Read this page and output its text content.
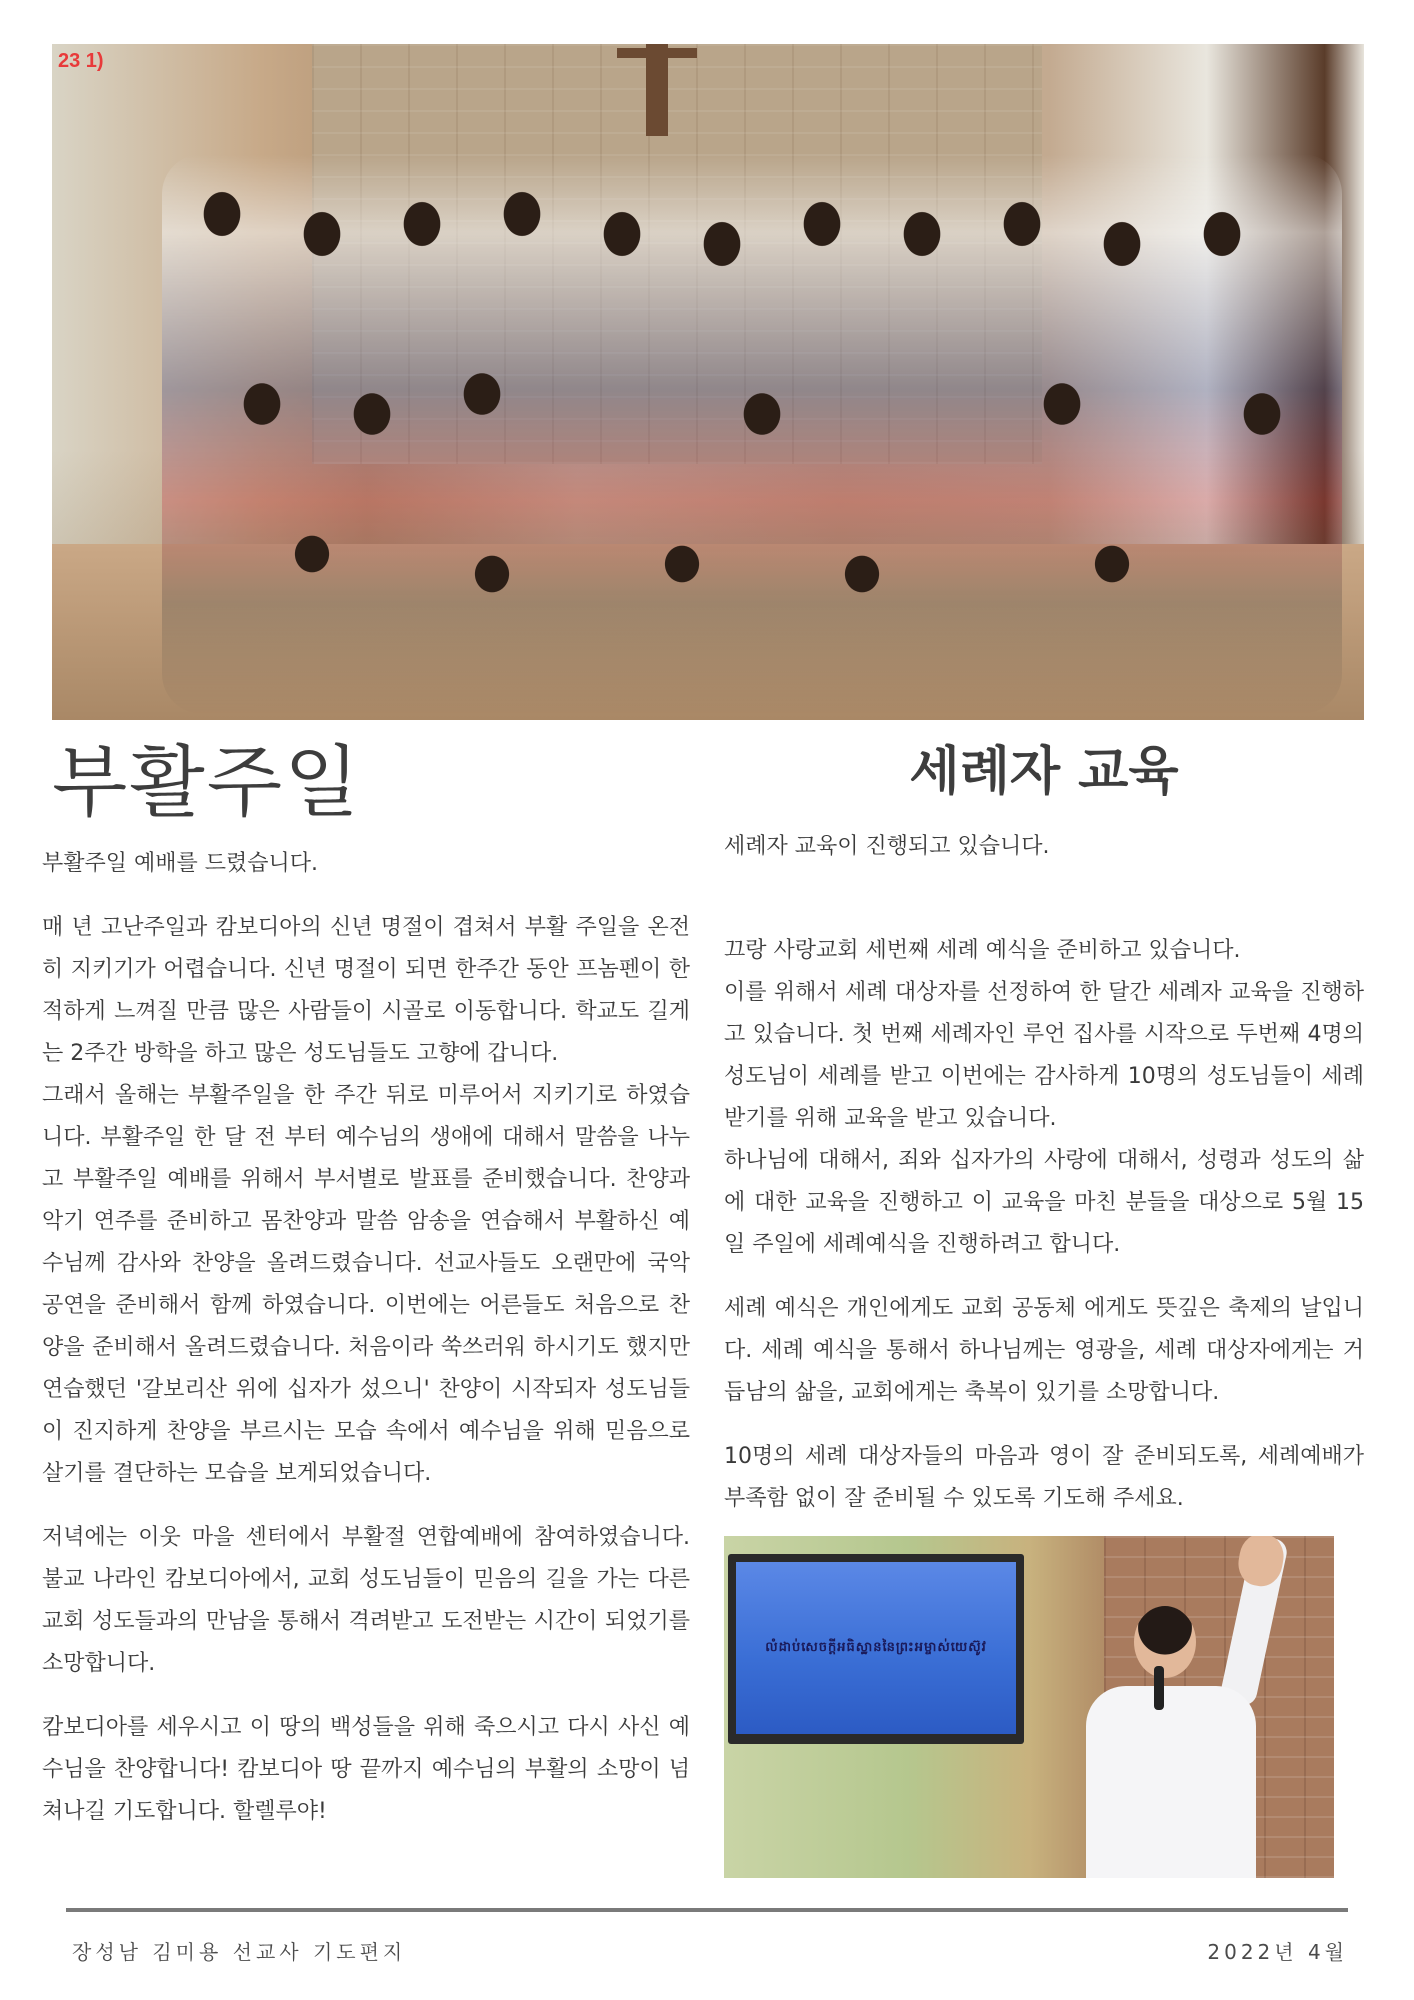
23 1)
부활주일	세례자 교육

부활주일 예배를 드렸습니다.

매 년 고난주일과 캄보디아의 신년 명절이 겹쳐서 부활 주일을 온전히 지키기가 어렵습니다. 신년 명절이 되면 한주간 동안 프놈펜이 한적하게 느껴질 만큼 많은 사람들이 시골로 이동합니다. 학교도 길게는 2주간 방학을 하고 많은 성도님들도 고향에 갑니다.
그래서 올해는 부활주일을 한 주간 뒤로 미루어서 지키기로 하였습니다. 부활주일 한 달 전 부터 예수님의 생애에 대해서 말씀을 나누고 부활주일 예배를 위해서 부서별로 발표를 준비했습니다. 찬양과 악기 연주를 준비하고 몸찬양과 말씀 암송을 연습해서 부활하신 예수님께 감사와 찬양을 올려드렸습니다. 선교사들도 오랜만에 국악 공연을 준비해서 함께 하였습니다. 이번에는 어른들도 처음으로 찬양을 준비해서 올려드렸습니다. 처음이라 쑥쓰러워 하시기도 했지만 연습했던 '갈보리산 위에 십자가 섰으니' 찬양이 시작되자 성도님들이 진지하게 찬양을 부르시는 모습 속에서 예수님을 위해 믿음으로 살기를 결단하는 모습을 보게되었습니다.

저녁에는 이웃 마을 센터에서 부활절 연합예배에 참여하였습니다. 불교 나라인 캄보디아에서, 교회 성도님들이 믿음의 길을 가는 다른 교회 성도들과의 만남을 통해서 격려받고 도전받는 시간이 되었기를 소망합니다.

캄보디아를 세우시고 이 땅의 백성들을 위해 죽으시고 다시 사신 예수님을 찬양합니다! 캄보디아 땅 끝까지 예수님의 부활의 소망이 넘쳐나길 기도합니다. 할렐루야!

세례자 교육이 진행되고 있습니다.

끄랑 사랑교회 세번째 세례 예식을 준비하고 있습니다.
이를 위해서 세례 대상자를 선정하여 한 달간 세례자 교육을 진행하고 있습니다. 첫 번째 세례자인 루언 집사를 시작으로 두번째 4명의 성도님이 세례를 받고 이번에는 감사하게 10명의 성도님들이 세례 받기를 위해 교육을 받고 있습니다.
하나님에 대해서, 죄와 십자가의 사랑에 대해서, 성령과 성도의 삶에 대한 교육을 진행하고 이 교육을 마친 분들을 대상으로 5월 15일 주일에 세례예식을 진행하려고 합니다.

세례 예식은 개인에게도 교회 공동체 에게도 뜻깊은 축제의 날입니다. 세례 예식을 통해서 하나님께는 영광을, 세례 대상자에게는 거듭남의 삶을, 교회에게는 축복이 있기를 소망합니다.

10명의 세례 대상자들의 마음과 영이 잘 준비되도록, 세례예배가 부족함 없이 잘 준비될 수 있도록 기도해 주세요.

លំដាប់សេចក្ដីអធិស្ឋាននៃព្រះអម្ចាស់យេស៊ូវ
장성남 김미용 선교사 기도편지	2022년 4월
